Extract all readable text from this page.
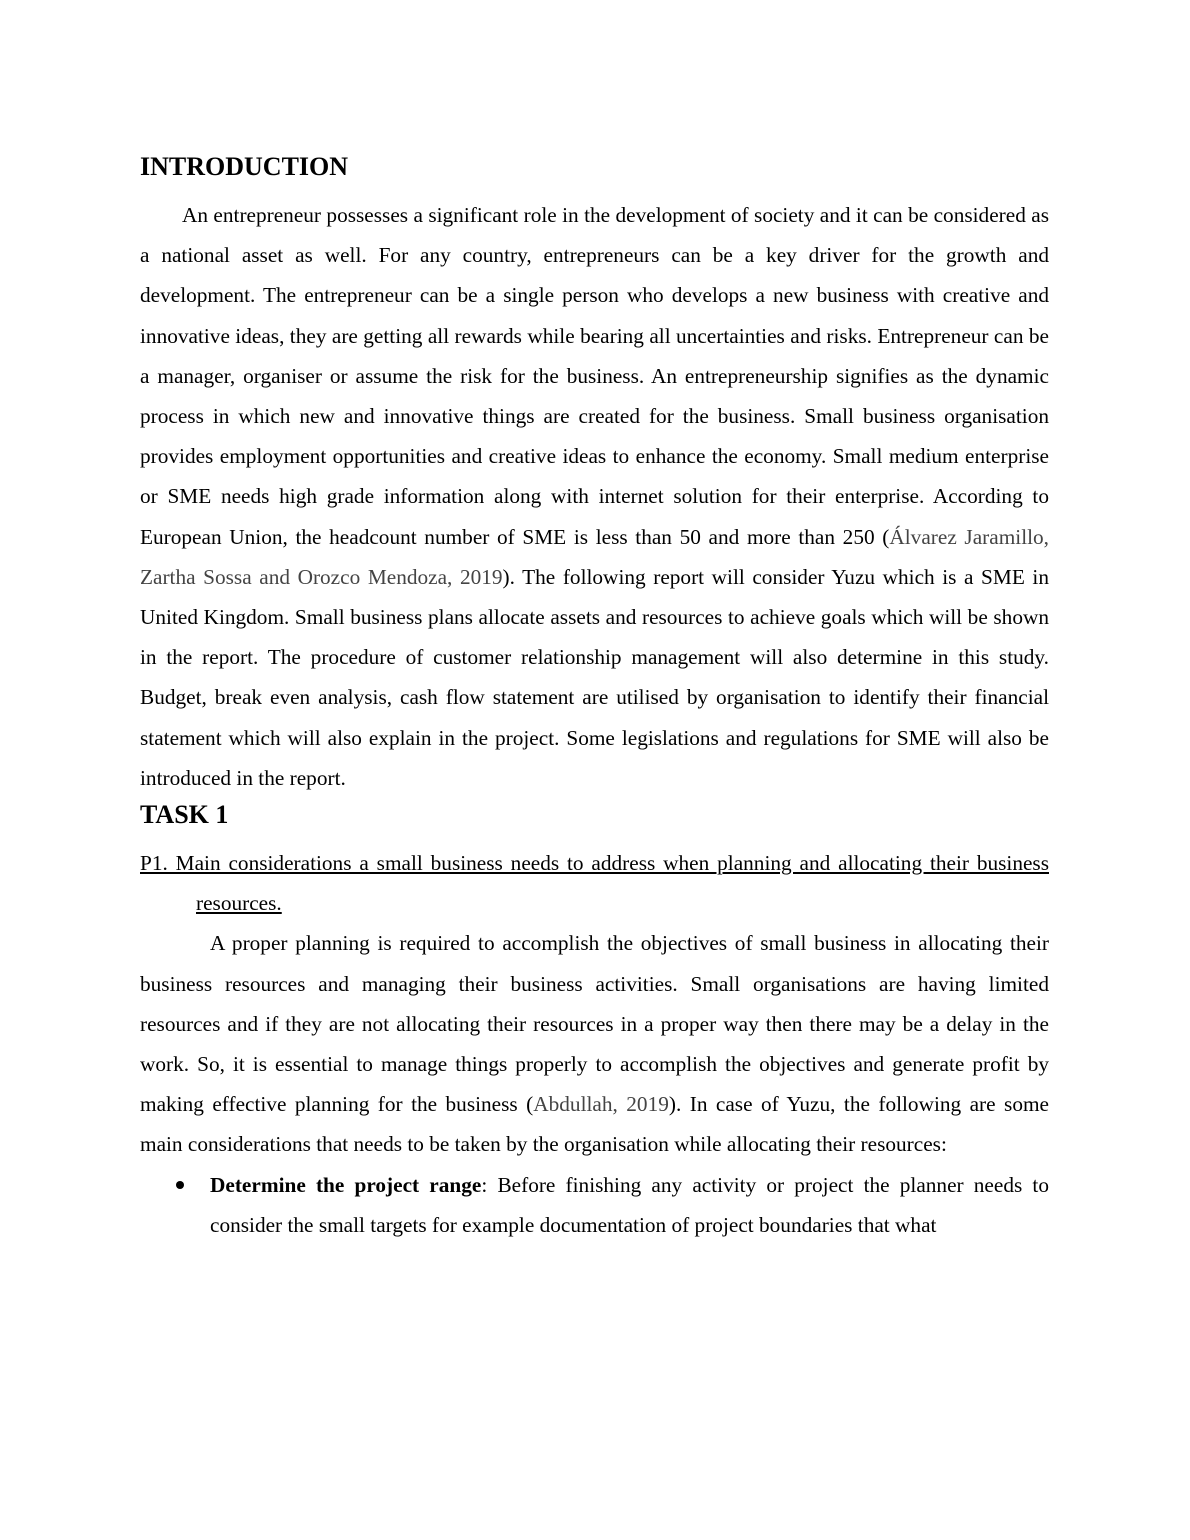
INTRODUCTION

An entrepreneur possesses a significant role in the development of society and it can be considered as a national asset as well. For any country, entrepreneurs can be a key driver for the growth and development. The entrepreneur can be a single person who develops a new business with creative and innovative ideas, they are getting all rewards while bearing all uncertainties and risks. Entrepreneur can be a manager, organiser or assume the risk for the business. An entrepreneurship signifies as the dynamic process in which new and innovative things are created for the business. Small business organisation provides employment opportunities and creative ideas to enhance the economy. Small medium enterprise or SME needs high grade information along with internet solution for their enterprise. According to European Union, the headcount number of SME is less than 50 and more than 250 (Álvarez Jaramillo, Zartha Sossa and Orozco Mendoza, 2019). The following report will consider Yuzu which is a SME in United Kingdom. Small business plans allocate assets and resources to achieve goals which will be shown in the report. The procedure of customer relationship management will also determine in this study. Budget, break even analysis, cash flow statement are utilised by organisation to identify their financial statement which will also explain in the project. Some legislations and regulations for SME will also be introduced in the report.

TASK 1

P1. Main considerations a small business needs to address when planning and allocating their business resources.

A proper planning is required to accomplish the objectives of small business in allocating their business resources and managing their business activities. Small organisations are having limited resources and if they are not allocating their resources in a proper way then there may be a delay in the work. So, it is essential to manage things properly to accomplish the objectives and generate profit by making effective planning for the business (Abdullah, 2019). In case of Yuzu, the following are some main considerations that needs to be taken by the organisation while allocating their resources:

Determine the project range: Before finishing any activity or project the planner needs to consider the small targets for example documentation of project boundaries that what
